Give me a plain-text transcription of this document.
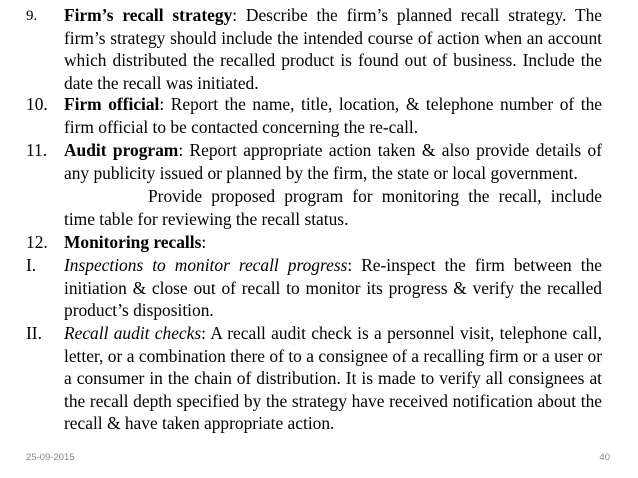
9.	Firm’s recall strategy: Describe the firm’s planned recall strategy. The firm’s strategy should include the intended course of action when an account which distributed the recalled product is found out of business. Include the date the recall was initiated.
10. Firm official: Report the name, title, location, & telephone number of the firm official to be contacted concerning the re-call.
11. Audit program: Report appropriate action taken & also provide details of any publicity issued or planned by the firm, the state or local government.
Provide proposed program for monitoring the recall, include time table for reviewing the recall status.
12. Monitoring recalls:
I.	Inspections to monitor recall progress: Re-inspect the firm between the initiation & close out of recall to monitor its progress & verify the recalled product’s disposition.
II.	Recall audit checks: A recall audit check is a personnel visit, telephone call, letter, or a combination there of to a consignee of a recalling firm or a user or a consumer in the chain of distribution. It is made to verify all consignees at the recall depth specified by the strategy have received notification about the recall & have taken appropriate action.
25-09-2015	40
